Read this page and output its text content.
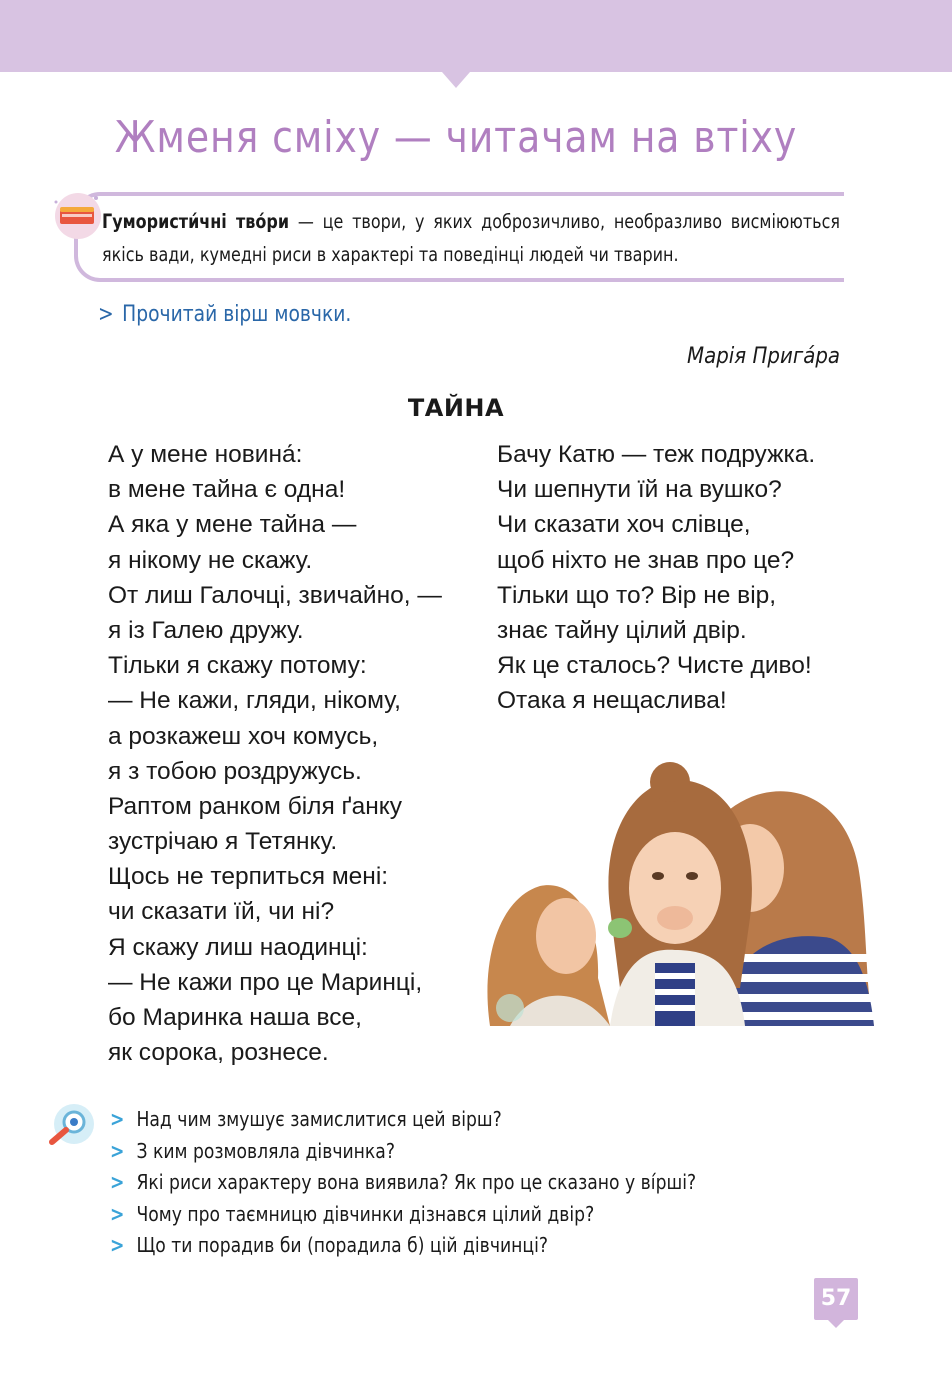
Жменя сміху — читачам на втіху
Гумористи́чні тво́ри — це твори, у яких доброзичливо, необразливо висміюються якісь вади, кумедні риси в характері та поведінці людей чи тварин.
> Прочитай вірш мовчки.
Марія Прига́ра
ТАЙНА
А у мене новина́:
в мене тайна є одна!
А яка у мене тайна —
я нікому не скажу.
От лиш Галочці, звичайно, —
я із Галею дружу.
Тільки я скажу потому:
— Не кажи, гляди, нікому,
а розкажеш хоч комусь,
я з тобою роздружусь.
Раптом ранком біля ґанку
зустрічаю я Тетянку.
Щось не терпиться мені:
чи сказати їй, чи ні?
Я скажу лиш наодинці:
— Не кажи про це Маринці,
бо Маринка наша все,
як сорока, рознесе.
Бачу Катю — теж подружка.
Чи шепнути їй на вушко?
Чи сказати хоч слівце,
щоб ніхто не знав про це?
Тільки що то? Вір не вір,
знає тайну цілий двір.
Як це сталось? Чисте диво!
Отака я нещаслива!
> Над чим змушує замислитися цей вірш?
> З ким розмовляла дівчинка?
> Які риси характеру вона виявила? Як про це сказано у ві́рші?
> Чому про таємницю дівчинки дізнався цілий двір?
> Що ти порадив би (порадила б) цій дівчинці?
57
